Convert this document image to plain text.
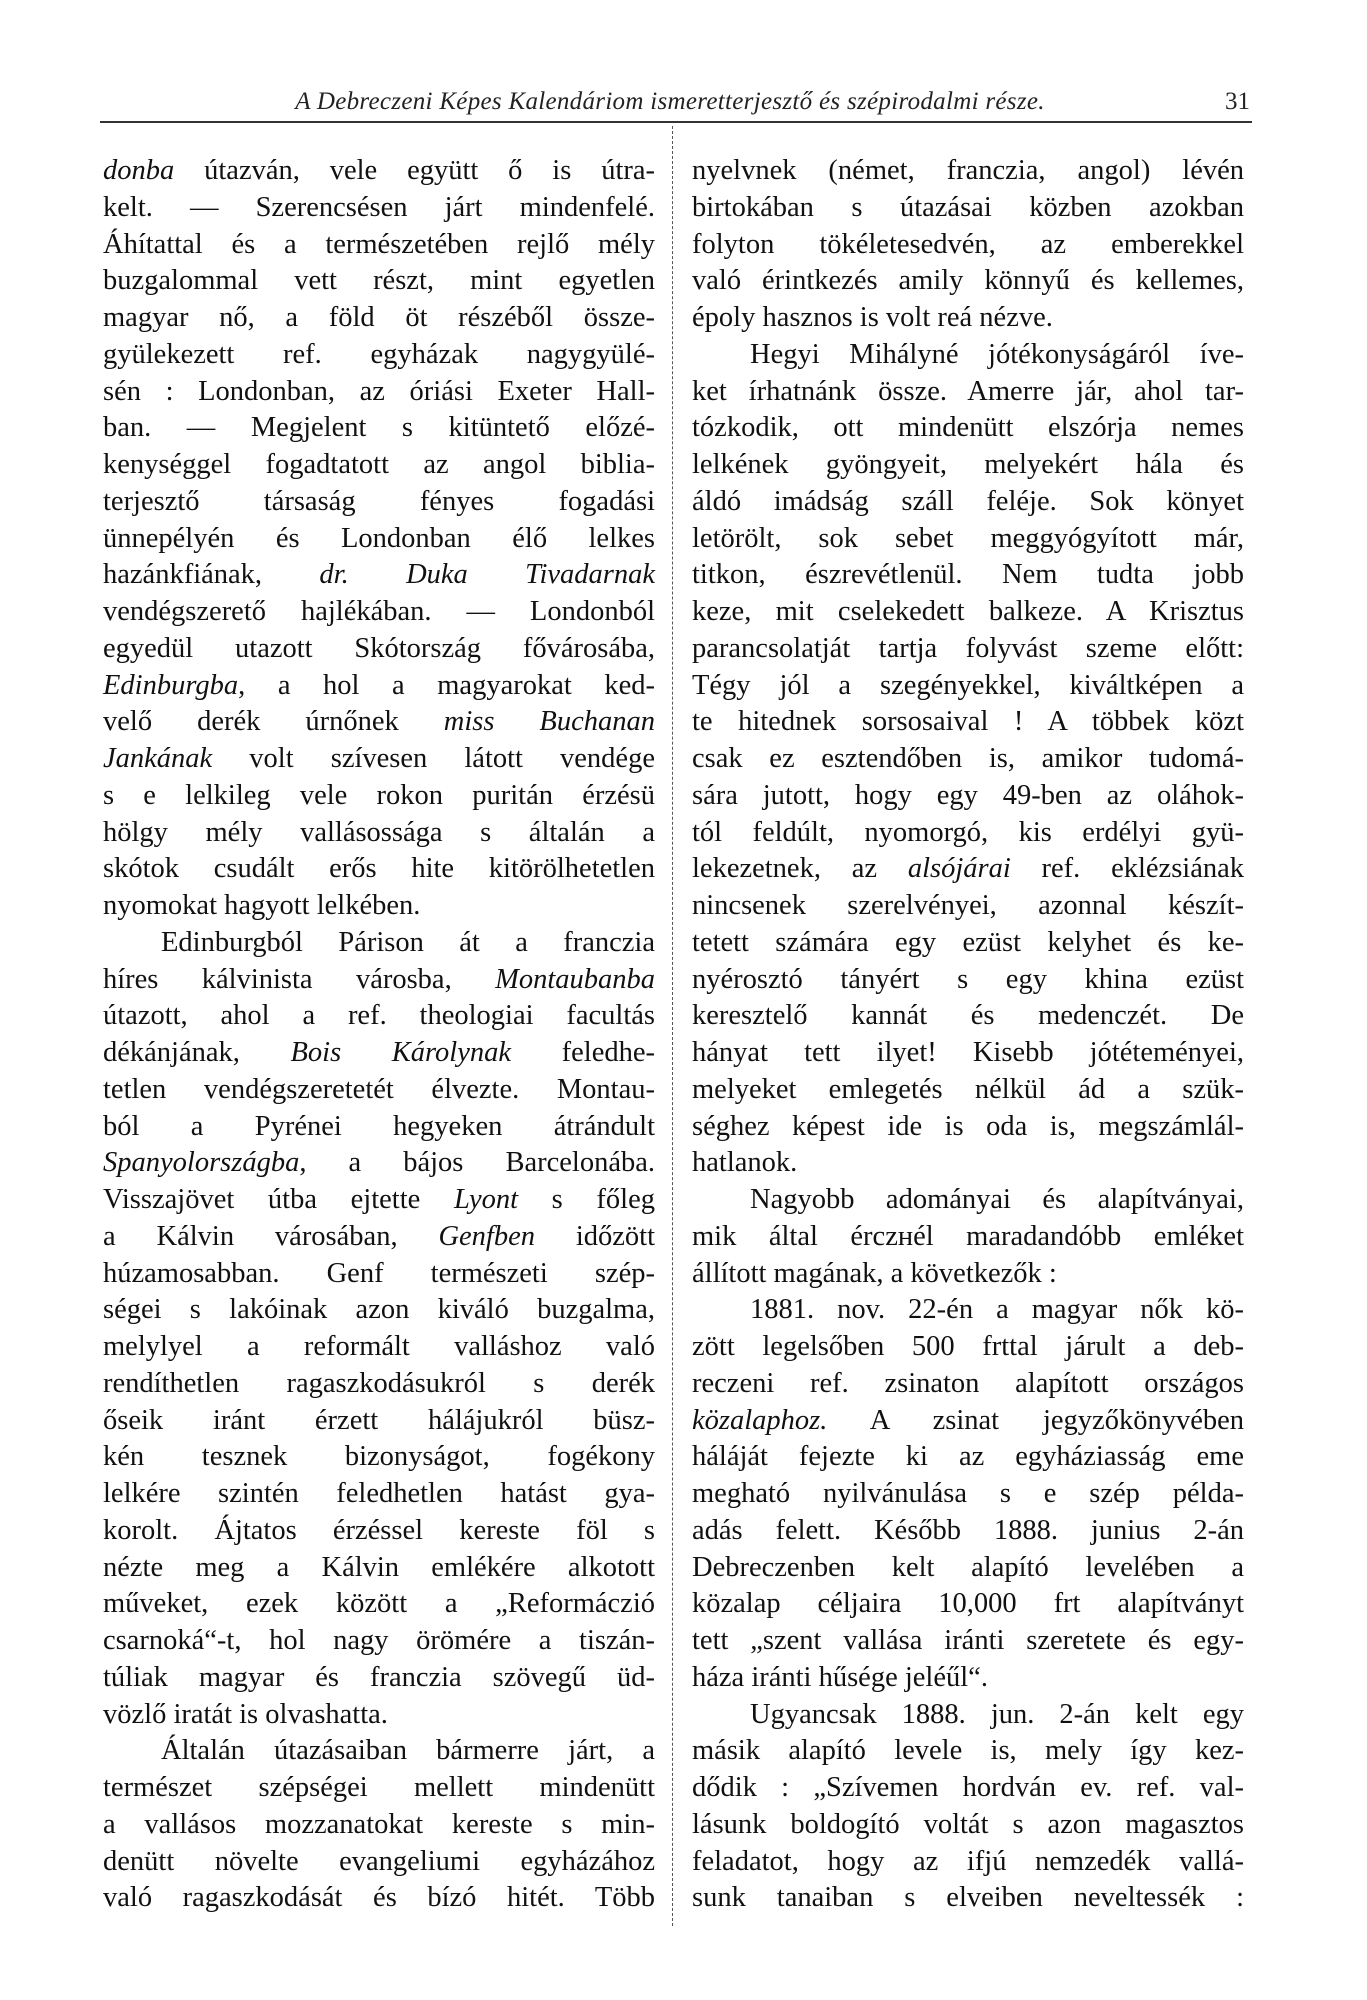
A Debreczeni Képes Kalendáriom ismeretterjesztő és szépirodalmi része.	31
donba útazván, vele együtt ő is útra-
kelt. — Szerencsésen járt mindenfelé.
Áhítattal és a természetében rejlő mély
buzgalommal vett részt, mint egyetlen
magyar nő, a föld öt részéből össze-
gyülekezett ref. egyházak nagygyülé-
sén : Londonban, az óriási Exeter Hall-
ban. — Megjelent s kitüntető előzé-
kenységgel fogadtatott az angol biblia-
terjesztő társaság fényes fogadási
ünnepélyén és Londonban élő lelkes
hazánkfiának, dr. Duka Tivadarnak
vendégszerető hajlékában. — Londonból
egyedül utazott Skótország fővárosába,
Edinburgba, a hol a magyarokat ked-
velő derék úrnőnek miss Buchanan
Jankának volt szívesen látott vendége
s e lelkileg vele rokon puritán érzésü
hölgy mély vallásossága s általán a
skótok csudált erős hite kitörölhetetlen
nyomokat hagyott lelkében.
Edinburgból Párison át a franczia
híres kálvinista városba, Montaubanba
útazott, ahol a ref. theologiai facultás
dékánjának, Bois Károlynak feledhe-
tetlen vendégszeretetét élvezte. Montau-
ból a Pyrénei hegyeken átrándult
Spanyolországba, a bájos Barcelonába.
Visszajövet útba ejtette Lyont s főleg
a Kálvin városában, Genfben időzött
húzamosabban. Genf természeti szép-
ségei s lakóinak azon kiváló buzgalma,
melylyel a reformált valláshoz való
rendíthetlen ragaszkodásukról s derék
őseik iránt érzett hálájukról büsz-
kén tesznek bizonyságot, fogékony
lelkére szintén feledhetlen hatást gya-
korolt. Ájtatos érzéssel kereste föl s
nézte meg a Kálvin emlékére alkotott
műveket, ezek között a „Reformáczió
csarnoká“-t, hol nagy örömére a tiszán-
túliak magyar és franczia szövegű üd-
vözlő iratát is olvashatta.
Általán útazásaiban bármerre járt, a
természet szépségei mellett mindenütt
a vallásos mozzanatokat kereste s min-
denütt növelte evangeliumi egyházához
való ragaszkodását és bízó hitét. Több
nyelvnek (német, franczia, angol) lévén
birtokában s útazásai közben azokban
folyton tökéletesedvén, az emberekkel
való érintkezés amily könnyű és kellemes,
époly hasznos is volt reá nézve.
Hegyi Mihályné jótékonyságáról íve-
ket írhatnánk össze. Amerre jár, ahol tar-
tózkodik, ott mindenütt elszórja nemes
lelkének gyöngyeit, melyekért hála és
áldó imádság száll feléje. Sok könyet
letörölt, sok sebet meggyógyított már,
titkon, észrevétlenül. Nem tudta jobb
keze, mit cselekedett balkeze. A Krisztus
parancsolatját tartja folyvást szeme előtt:
Tégy jól a szegényekkel, kiváltképen a
te hitednek sorsosaival ! A többek közt
csak ez esztendőben is, amikor tudomá-
sára jutott, hogy egy 49-ben az oláhok-
tól feldúlt, nyomorgó, kis erdélyi gyü-
lekezetnek, az alsójárai ref. eklézsiának
nincsenek szerelvényei, azonnal készít-
tetett számára egy ezüst kelyhet és ke-
nyérosztó tányért s egy khina ezüst
keresztelő kannát és medenczét. De
hányat tett ilyet! Kisebb jótéteményei,
melyeket emlegetés nélkül ád a szük-
séghez képest ide is oda is, megszámlál-
hatlanok.
Nagyobb adományai és alapítványai,
mik által érczнél maradandóbb emléket
állított magának, a következők :
1881. nov. 22-én a magyar nők kö-
zött legelsőben 500 frttal járult a deb-
reczeni ref. zsinaton alapított országos
közalaphoz. A zsinat jegyzőkönyvében
háláját fejezte ki az egyháziasság eme
megható nyilvánulása s e szép példa-
adás felett. Később 1888. junius 2-án
Debreczenben kelt alapító levelében a
közalap céljaira 10,000 frt alapítványt
tett „szent vallása iránti szeretete és egy-
háza iránti hűsége jeléűl“.
Ugyancsak 1888. jun. 2-án kelt egy
másik alapító levele is, mely így kez-
dődik : „Szívemen hordván ev. ref. val-
lásunk boldogító voltát s azon magasztos
feladatot, hogy az ifjú nemzedék vallá-
sunk tanaiban s elveiben neveltessék :
